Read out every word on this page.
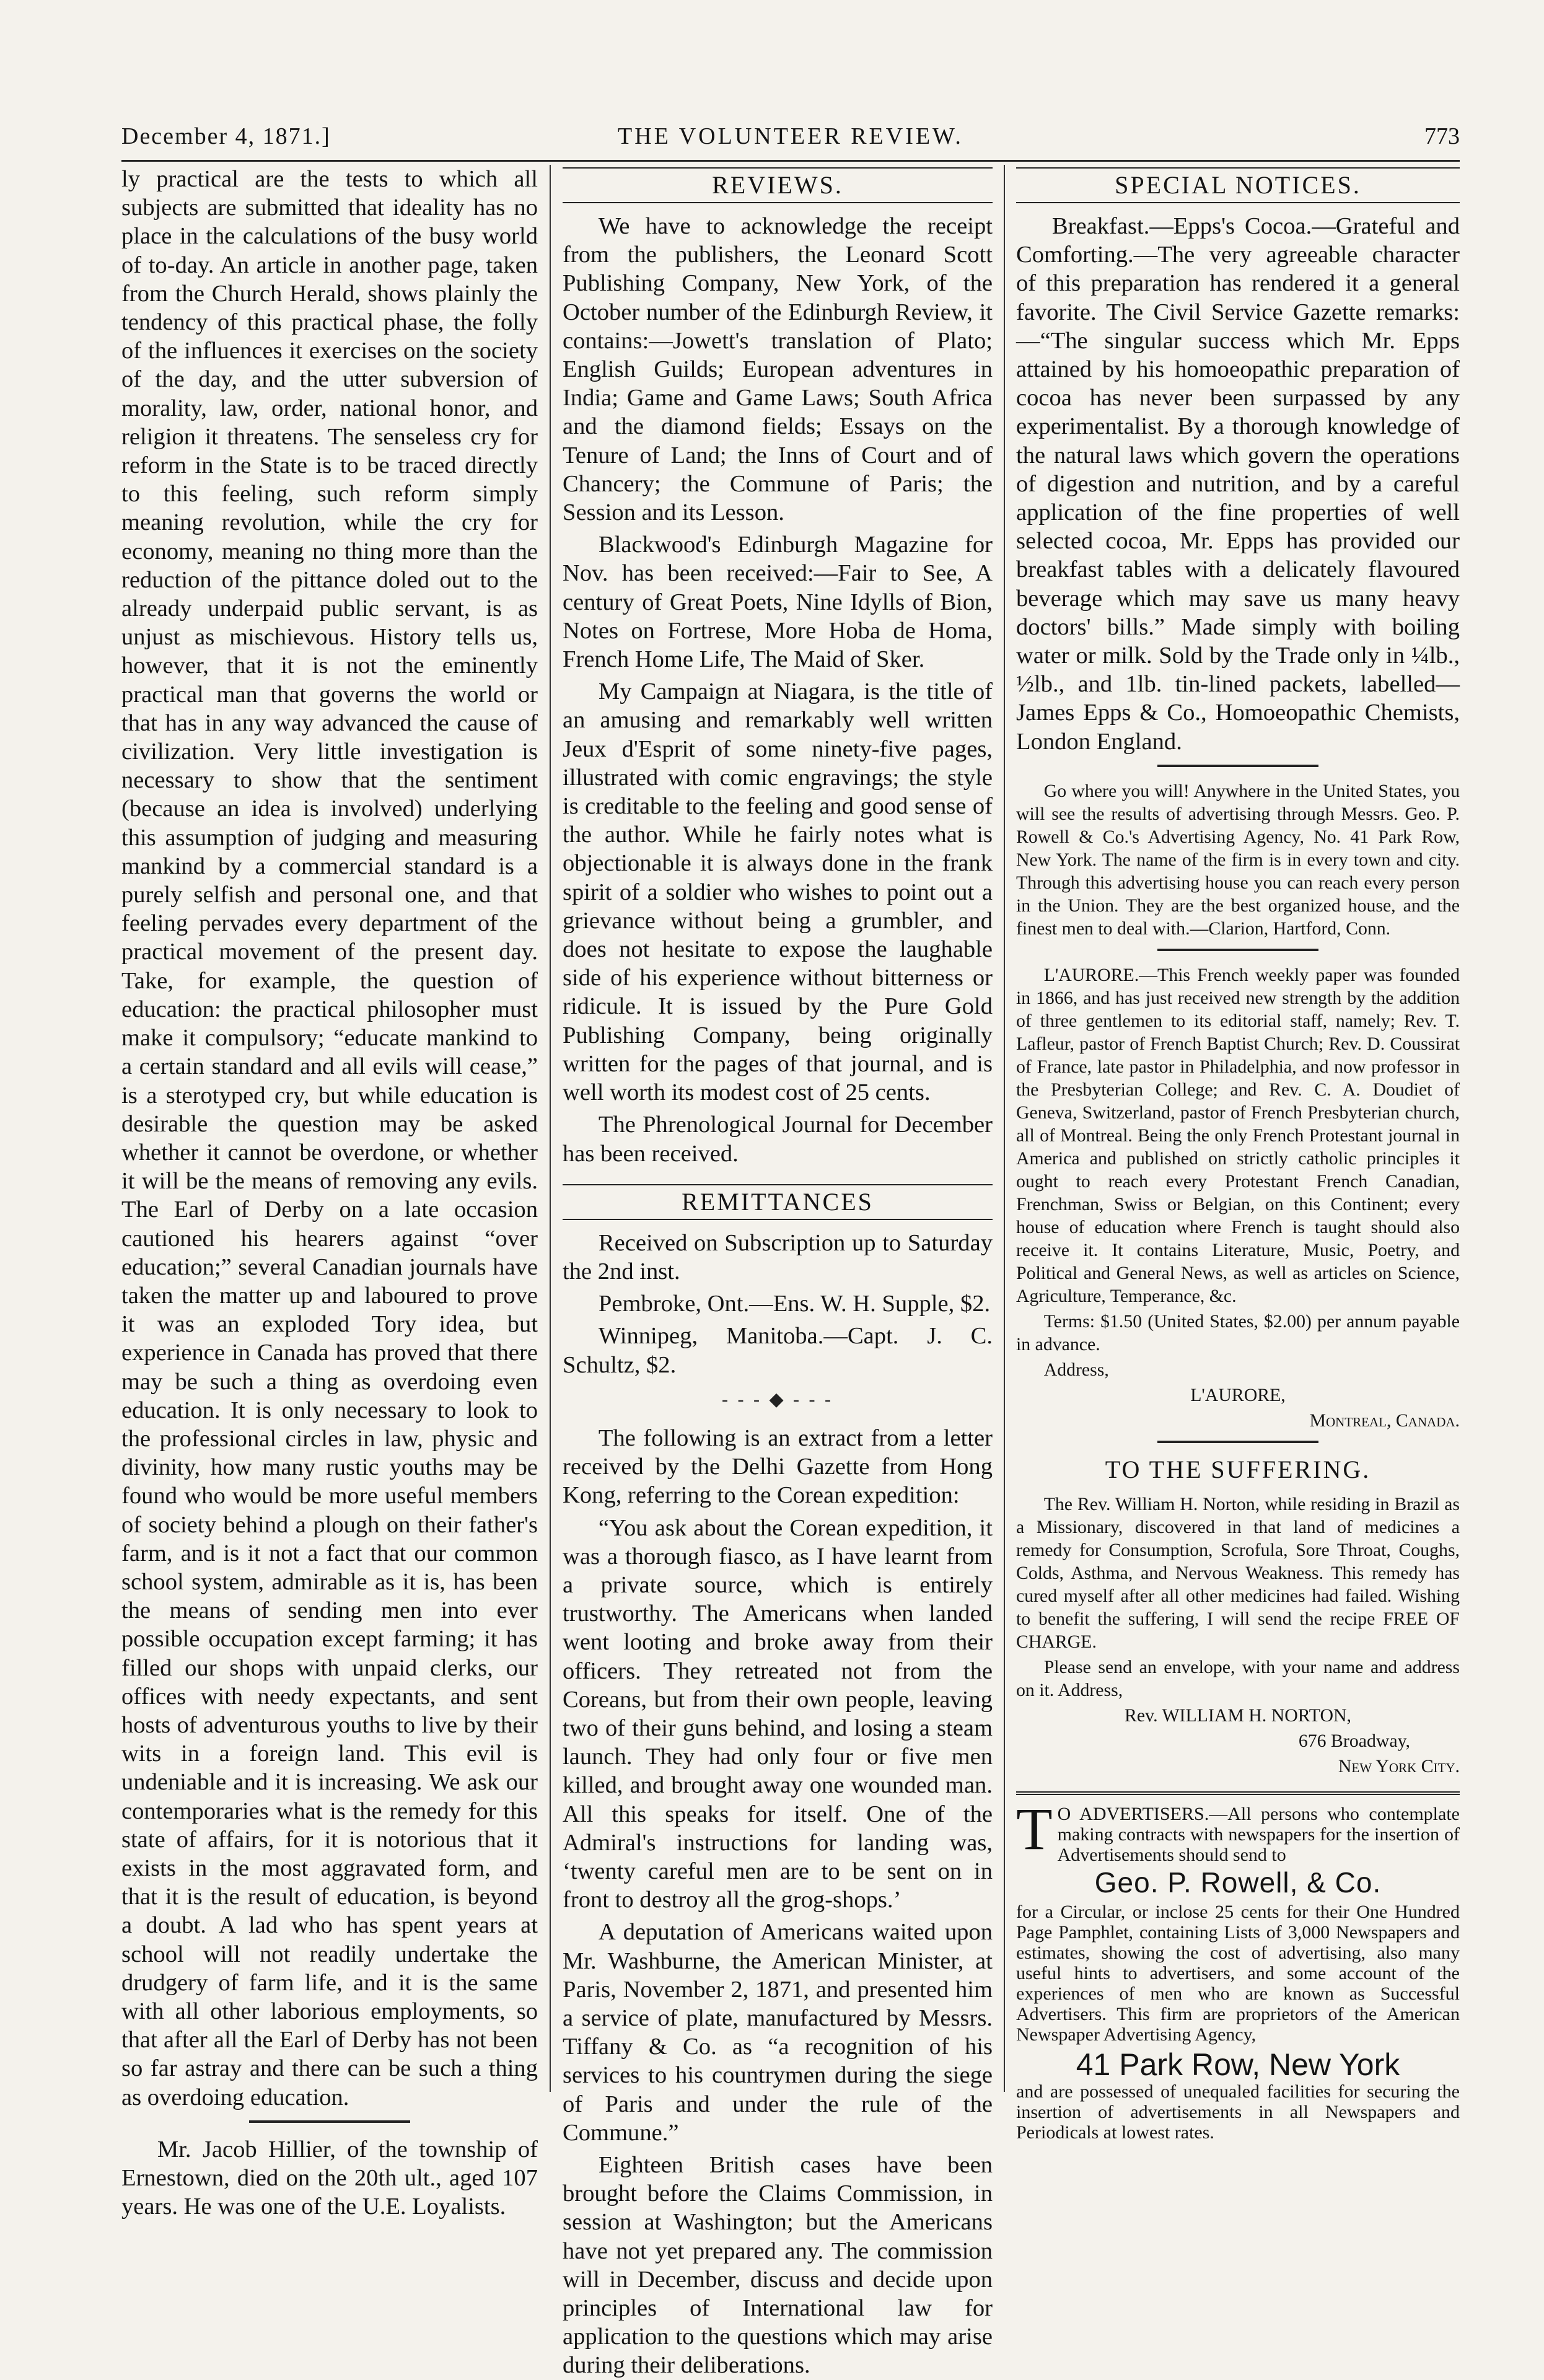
December 4, 1871.]	THE VOLUNTEER REVIEW.	773

ly practical are the tests to which all subjects are submitted that ideality has no place in the calculations of the busy world of to-day. An article in another page, taken from the Church Herald, shows plainly the tendency of this practical phase, the folly of the influences it exercises on the society of the day, and the utter subversion of morality, law, order, national honor, and religion it threatens. The senseless cry for reform in the State is to be traced directly to this feeling, such reform simply meaning revolution, while the cry for economy, meaning no thing more than the reduction of the pittance doled out to the already underpaid public servant, is as unjust as mischievous. History tells us, however, that it is not the eminently practical man that governs the world or that has in any way advanced the cause of civilization. Very little investigation is necessary to show that the sentiment (because an idea is involved) underlying this assumption of judging and measuring mankind by a commercial standard is a purely selfish and personal one, and that feeling pervades every department of the practical movement of the present day. Take, for example, the question of education: the practical philosopher must make it compulsory; “educate mankind to a certain standard and all evils will cease,” is a sterotyped cry, but while education is desirable the question may be asked whether it cannot be overdone, or whether it will be the means of removing any evils. The Earl of Derby on a late occasion cautioned his hearers against “over education;” several Canadian journals have taken the matter up and laboured to prove it was an exploded Tory idea, but experience in Canada has proved that there may be such a thing as overdoing even education. It is only necessary to look to the professional circles in law, physic and divinity, how many rustic youths may be found who would be more useful members of society behind a plough on their father's farm, and is it not a fact that our common school system, admirable as it is, has been the means of sending men into ever possible occupation except farming; it has filled our shops with unpaid clerks, our offices with needy expectants, and sent hosts of adventurous youths to live by their wits in a foreign land. This evil is undeniable and it is increasing. We ask our contemporaries what is the remedy for this state of affairs, for it is notorious that it exists in the most aggravated form, and that it is the result of education, is beyond a doubt. A lad who has spent years at school will not readily undertake the drudgery of farm life, and it is the same with all other laborious employments, so that after all the Earl of Derby has not been so far astray and there can be such a thing as overdoing education.

Mr. Jacob Hillier, of the township of Ernestown, died on the 20th ult., aged 107 years. He was one of the U.E. Loyalists.

REVIEWS.

We have to acknowledge the receipt from the publishers, the Leonard Scott Publishing Company, New York, of the October number of the Edinburgh Review, it contains:—Jowett's translation of Plato; English Guilds; European adventures in India; Game and Game Laws; South Africa and the diamond fields; Essays on the Tenure of Land; the Inns of Court and of Chancery; the Commune of Paris; the Session and its Lesson.

Blackwood's Edinburgh Magazine for Nov. has been received:—Fair to See, A century of Great Poets, Nine Idylls of Bion, Notes on Fortrese, More Hoba de Homa, French Home Life, The Maid of Sker.

My Campaign at Niagara, is the title of an amusing and remarkably well written Jeux d'Esprit of some ninety-five pages, illustrated with comic engravings; the style is creditable to the feeling and good sense of the author. While he fairly notes what is objectionable it is always done in the frank spirit of a soldier who wishes to point out a grievance without being a grumbler, and does not hesitate to expose the laughable side of his experience without bitterness or ridicule. It is issued by the Pure Gold Publishing Company, being originally written for the pages of that journal, and is well worth its modest cost of 25 cents.

The Phrenological Journal for December has been received.

REMITTANCES

Received on Subscription up to Saturday the 2nd inst.

Pembroke, Ont.—Ens. W. H. Supple, $2.

Winnipeg, Manitoba.—Capt. J. C. Schultz, $2.

- - - ◆ - - -

The following is an extract from a letter received by the Delhi Gazette from Hong Kong, referring to the Corean expedition:

“You ask about the Corean expedition, it was a thorough fiasco, as I have learnt from a private source, which is entirely trustworthy. The Americans when landed went looting and broke away from their officers. They retreated not from the Coreans, but from their own people, leaving two of their guns behind, and losing a steam launch. They had only four or five men killed, and brought away one wounded man. All this speaks for itself. One of the Admiral's instructions for landing was, ‘twenty careful men are to be sent on in front to destroy all the grog-shops.’

A deputation of Americans waited upon Mr. Washburne, the American Minister, at Paris, November 2, 1871, and presented him a service of plate, manufactured by Messrs. Tiffany & Co. as “a recognition of his services to his countrymen during the siege of Paris and under the rule of the Commune.”

Eighteen British cases have been brought before the Claims Commission, in session at Washington; but the Americans have not yet prepared any. The commission will in December, discuss and decide upon principles of International law for application to the questions which may arise during their deliberations.

SPECIAL NOTICES.

Breakfast.—Epps's Cocoa.—Grateful and Comforting.—The very agreeable character of this preparation has rendered it a general favorite. The Civil Service Gazette remarks:—“The singular success which Mr. Epps attained by his homoeopathic preparation of cocoa has never been surpassed by any experimentalist. By a thorough knowledge of the natural laws which govern the operations of digestion and nutrition, and by a careful application of the fine properties of well selected cocoa, Mr. Epps has provided our breakfast tables with a delicately flavoured beverage which may save us many heavy doctors' bills.” Made simply with boiling water or milk. Sold by the Trade only in ¼lb., ½lb., and 1lb. tin-lined packets, labelled—James Epps & Co., Homoeopathic Chemists, London England.

Go where you will! Anywhere in the United States, you will see the results of advertising through Messrs. Geo. P. Rowell & Co.'s Advertising Agency, No. 41 Park Row, New York. The name of the firm is in every town and city. Through this advertising house you can reach every person in the Union. They are the best organized house, and the finest men to deal with.—Clarion, Hartford, Conn.

L'AURORE.—This French weekly paper was founded in 1866, and has just received new strength by the addition of three gentlemen to its editorial staff, namely; Rev. T. Lafleur, pastor of French Baptist Church; Rev. D. Coussirat of France, late pastor in Philadelphia, and now professor in the Presbyterian College; and Rev. C. A. Doudiet of Geneva, Switzerland, pastor of French Presbyterian church, all of Montreal. Being the only French Protestant journal in America and published on strictly catholic principles it ought to reach every Protestant French Canadian, Frenchman, Swiss or Belgian, on this Continent; every house of education where French is taught should also receive it. It contains Literature, Music, Poetry, and Political and General News, as well as articles on Science, Agriculture, Temperance, &c.

Terms: $1.50 (United States, $2.00) per annum payable in advance.

Address,

L'AURORE,

Montreal, Canada.

TO THE SUFFERING.

The Rev. William H. Norton, while residing in Brazil as a Missionary, discovered in that land of medicines a remedy for Consumption, Scrofula, Sore Throat, Coughs, Colds, Asthma, and Nervous Weakness. This remedy has cured myself after all other medicines had failed. Wishing to benefit the suffering, I will send the recipe FREE OF CHARGE.

Please send an envelope, with your name and address on it. Address,

Rev. WILLIAM H. NORTON,

676 Broadway,

New York City.

T O ADVERTISERS.—All persons who contemplate making contracts with newspapers for the insertion of Advertisements should send to

Geo. P. Rowell, & Co.

for a Circular, or inclose 25 cents for their One Hundred Page Pamphlet, containing Lists of 3,000 Newspapers and estimates, showing the cost of advertising, also many useful hints to advertisers, and some account of the experiences of men who are known as Successful Advertisers. This firm are proprietors of the American Newspaper Advertising Agency,

41 Park Row, New York

and are possessed of unequaled facilities for securing the insertion of advertisements in all Newspapers and Periodicals at lowest rates.
